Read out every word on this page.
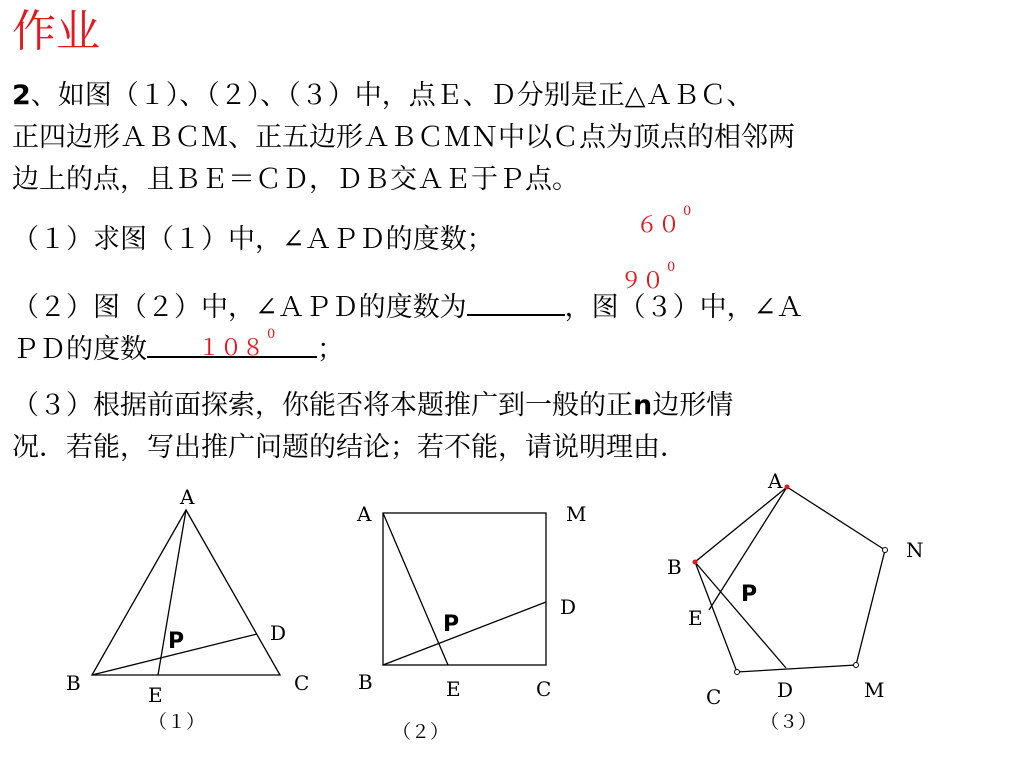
作业
2、如图（１）、（２）、（３）中，点Ｅ、Ｄ分别是正△ＡＢＣ、
正四边形ＡＢＣＭ、正五边形ＡＢＣＭＮ中以Ｃ点为顶点的相邻两
边上的点，且ＢＥ＝ＣＤ，ＤＢ交ＡＥ于Ｐ点。
（１）求图（１）中，∠ＡＰＤ的度数；	$60^0$
$90^0$
（２）图（２）中，∠ＡＰＤ的度数为	，图（３）中，∠Ａ
ＰＤ的度数	；
$108^0$
（３）根据前面探索，你能否将本题推广到一般的正n边形情
况．若能，写出推广问题的结论；若不能，请说明理由．
A
B	C
D
E
P
（１）
A	M
D
B	E	C
P
（２）
A
N
B
E
C	D	M
P
（３）
